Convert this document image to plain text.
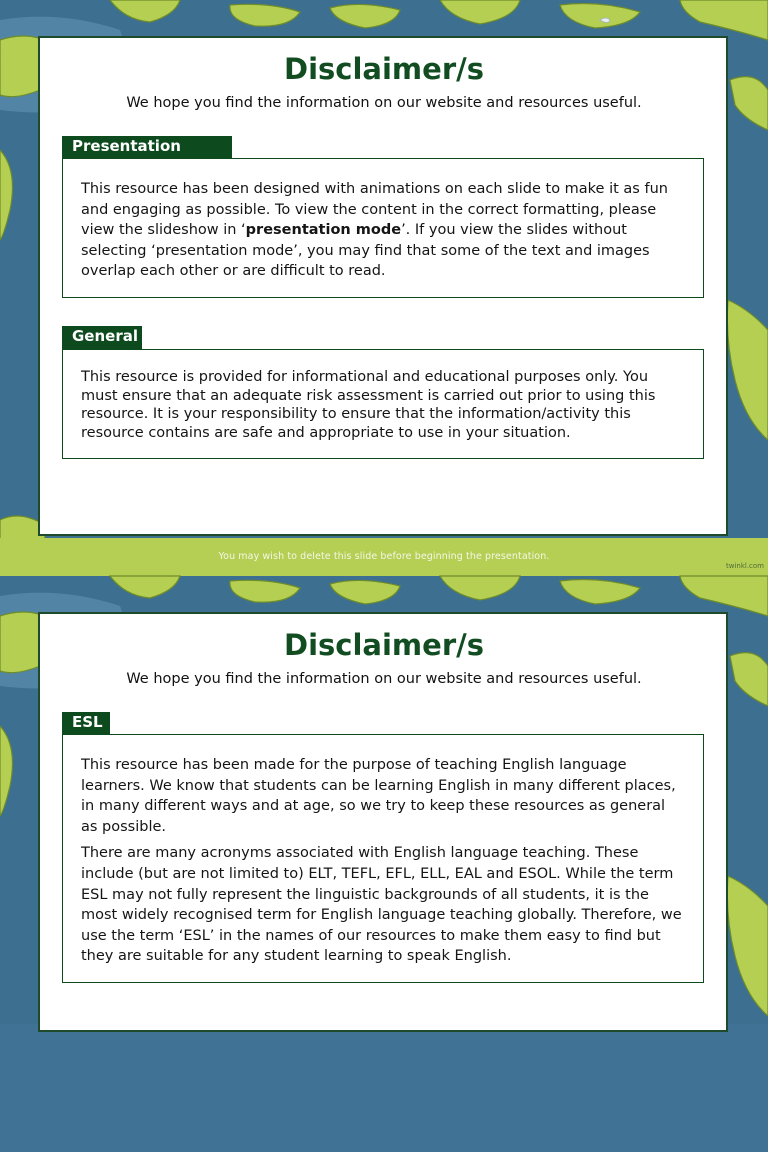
You may wish to delete this slide before beginning the presentation.
twinkl.com
Disclaimer/s
We hope you find the information on our website and resources useful.
Presentation

This resource has been designed with animations on each slide to make it as fun and engaging as possible. To view the content in the correct formatting, please view the slideshow in ‘presentation mode’. If you view the slides without selecting ‘presentation mode’, you may find that some of the text and images overlap each other or are difficult to read.

General

This resource is provided for informational and educational purposes only. You must ensure that an adequate risk assessment is carried out prior to using this resource. It is your responsibility to ensure that the information/activity this resource contains are safe and appropriate to use in your situation.

Disclaimer/s
We hope you find the information on our website and resources useful.
ESL

This resource has been made for the purpose of teaching English language learners. We know that students can be learning English in many different places, in many different ways and at age, so we try to keep these resources as general as possible.

There are many acronyms associated with English language teaching. These include (but are not limited to) ELT, TEFL, EFL, ELL, EAL and ESOL. While the term ESL may not fully represent the linguistic backgrounds of all students, it is the most widely recognised term for English language teaching globally. Therefore, we use the term ‘ESL’ in the names of our resources to make them easy to find but they are suitable for any student learning to speak English.
